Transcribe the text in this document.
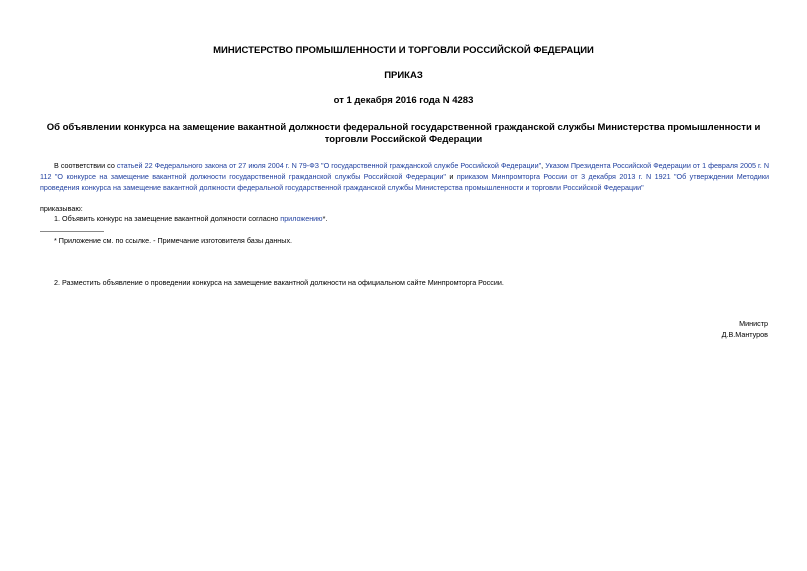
МИНИСТЕРСТВО ПРОМЫШЛЕННОСТИ И ТОРГОВЛИ РОССИЙСКОЙ ФЕДЕРАЦИИ
ПРИКАЗ
от 1 декабря 2016 года N 4283
Об объявлении конкурса на замещение вакантной должности федеральной государственной гражданской службы Министерства промышленности и торговли Российской Федерации
В соответствии со статьей 22 Федерального закона от 27 июля 2004 г. N 79-ФЗ "О государственной гражданской службе Российской Федерации", Указом Президента Российской Федерации от 1 февраля 2005 г. N 112 "О конкурсе на замещение вакантной должности государственной гражданской службы Российской Федерации" и приказом Минпромторга России от 3 декабря 2013 г. N 1921 "Об утверждении Методики проведения конкурса на замещение вакантной должности федеральной государственной гражданской службы Министерства промышленности и торговли Российской Федерации"
приказываю:
1. Объявить конкурс на замещение вакантной должности согласно приложению*.
* Приложение см. по ссылке. - Примечание изготовителя базы данных.
2. Разместить объявление о проведении конкурса на замещение вакантной должности на официальном сайте Минпромторга России.
Министр
Д.В.Мантуров
